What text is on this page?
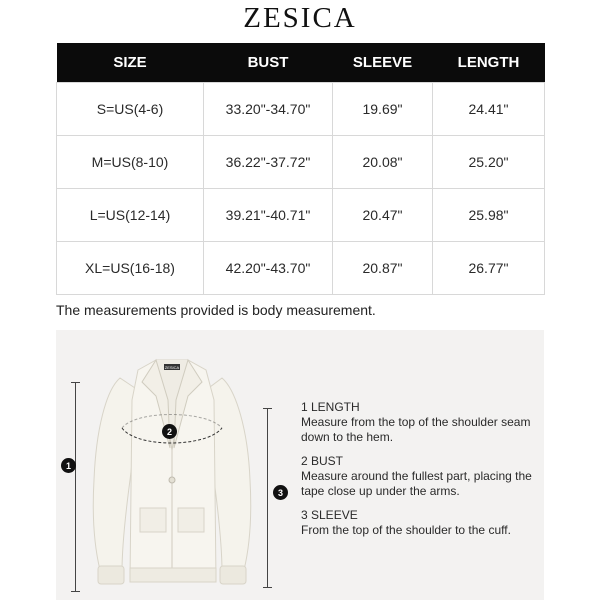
ZESICA
SIZE	BUST	SLEEVE	LENGTH
S=US(4-6)	33.20"-34.70"	19.69"	24.41"
M=US(8-10)	36.22"-37.72"	20.08"	25.20"
L=US(12-14)	39.21"-40.71"	20.47"	25.98"
XL=US(16-18)	42.20"-43.70"	20.87"	26.77"
The measurements provided is body measurement.
ZESICA
1
2
3
1 LENGTH
Measure from the top of the shoulder seam down to the hem.
2 BUST
Measure around the fullest part, placing the tape close up under the arms.
3 SLEEVE
From the top of the shoulder to the cuff.
